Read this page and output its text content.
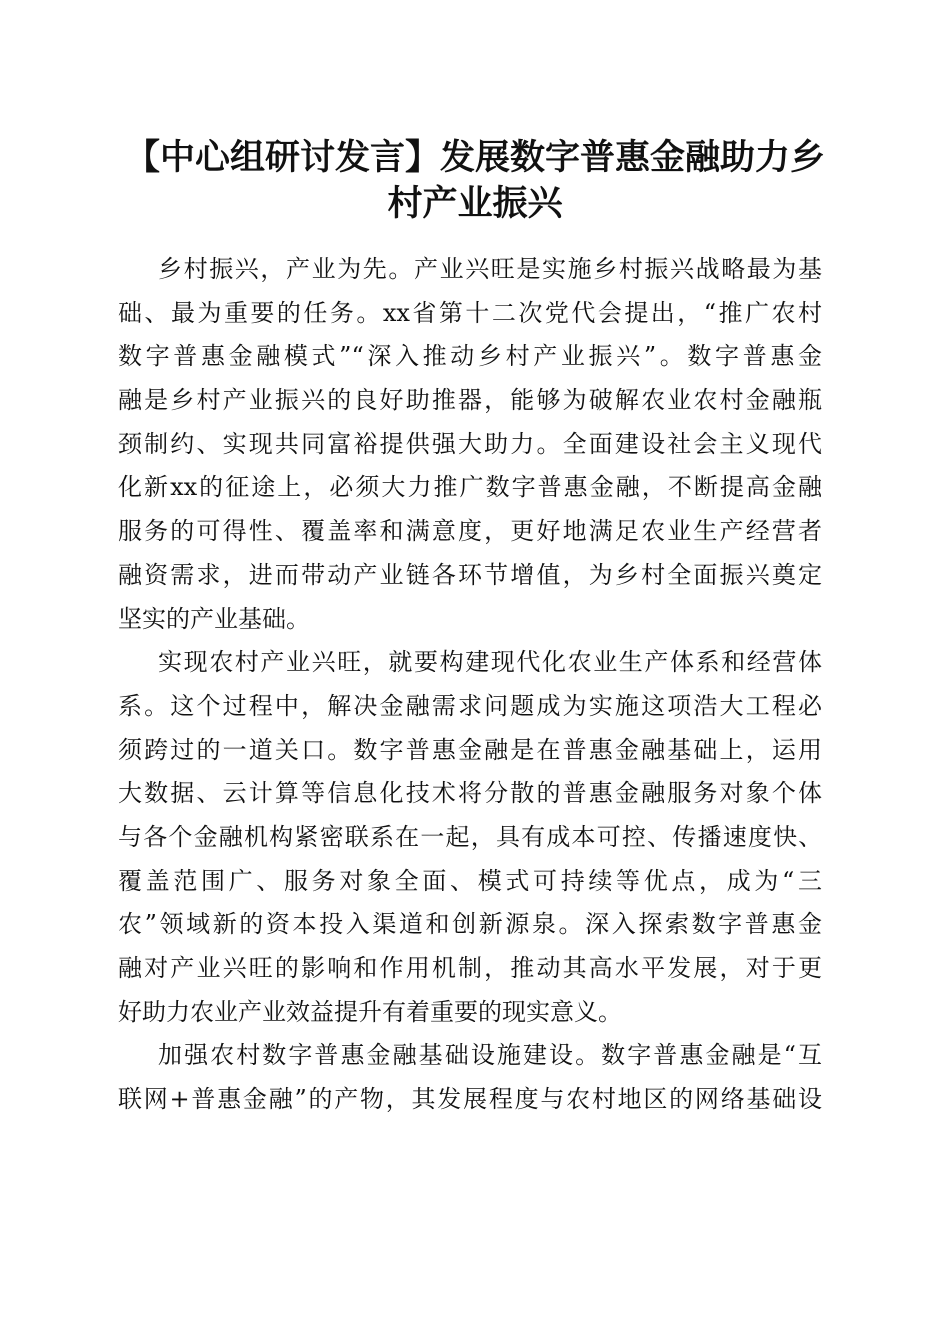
【中心组研讨发言】发展数字普惠金融助力乡
村产业振兴
乡村振兴，产业为先。产业兴旺是实施乡村振兴战略最为基
础、最为重要的任务。xx省第十二次党代会提出，“推广农村
数字普惠金融模式”“深入推动乡村产业振兴”。数字普惠金
融是乡村产业振兴的良好助推器，能够为破解农业农村金融瓶
颈制约、实现共同富裕提供强大助力。全面建设社会主义现代
化新xx的征途上，必须大力推广数字普惠金融，不断提高金融
服务的可得性、覆盖率和满意度，更好地满足农业生产经营者
融资需求，进而带动产业链各环节增值，为乡村全面振兴奠定
坚实的产业基础。
实现农村产业兴旺，就要构建现代化农业生产体系和经营体
系。这个过程中，解决金融需求问题成为实施这项浩大工程必
须跨过的一道关口。数字普惠金融是在普惠金融基础上，运用
大数据、云计算等信息化技术将分散的普惠金融服务对象个体
与各个金融机构紧密联系在一起，具有成本可控、传播速度快、
覆盖范围广、服务对象全面、模式可持续等优点，成为“三
农”领域新的资本投入渠道和创新源泉。深入探索数字普惠金
融对产业兴旺的影响和作用机制，推动其高水平发展，对于更
好助力农业产业效益提升有着重要的现实意义。
加强农村数字普惠金融基础设施建设。数字普惠金融是“互
联网+普惠金融”的产物，其发展程度与农村地区的网络基础设
